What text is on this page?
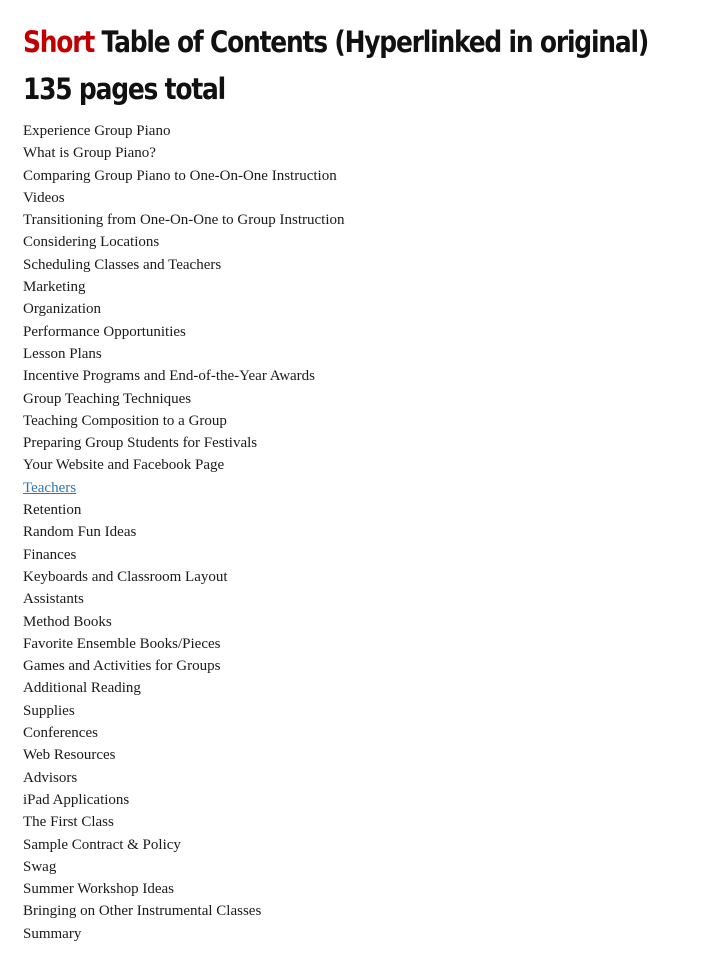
Short Table of Contents (Hyperlinked in original)
135 pages total
Experience Group Piano
What is Group Piano?
Comparing Group Piano to One-On-One Instruction
Videos
Transitioning from One-On-One to Group Instruction
Considering Locations
Scheduling Classes and Teachers
Marketing
Organization
Performance Opportunities
Lesson Plans
Incentive Programs and End-of-the-Year Awards
Group Teaching Techniques
Teaching Composition to a Group
Preparing Group Students for Festivals
Your Website and Facebook Page
Teachers
Retention
Random Fun Ideas
Finances
Keyboards and Classroom Layout
Assistants
Method Books
Favorite Ensemble Books/Pieces
Games and Activities for Groups
Additional Reading
Supplies
Conferences
Web Resources
Advisors
iPad Applications
The First Class
Sample Contract & Policy
Swag
Summer Workshop Ideas
Bringing on Other Instrumental Classes
Summary
